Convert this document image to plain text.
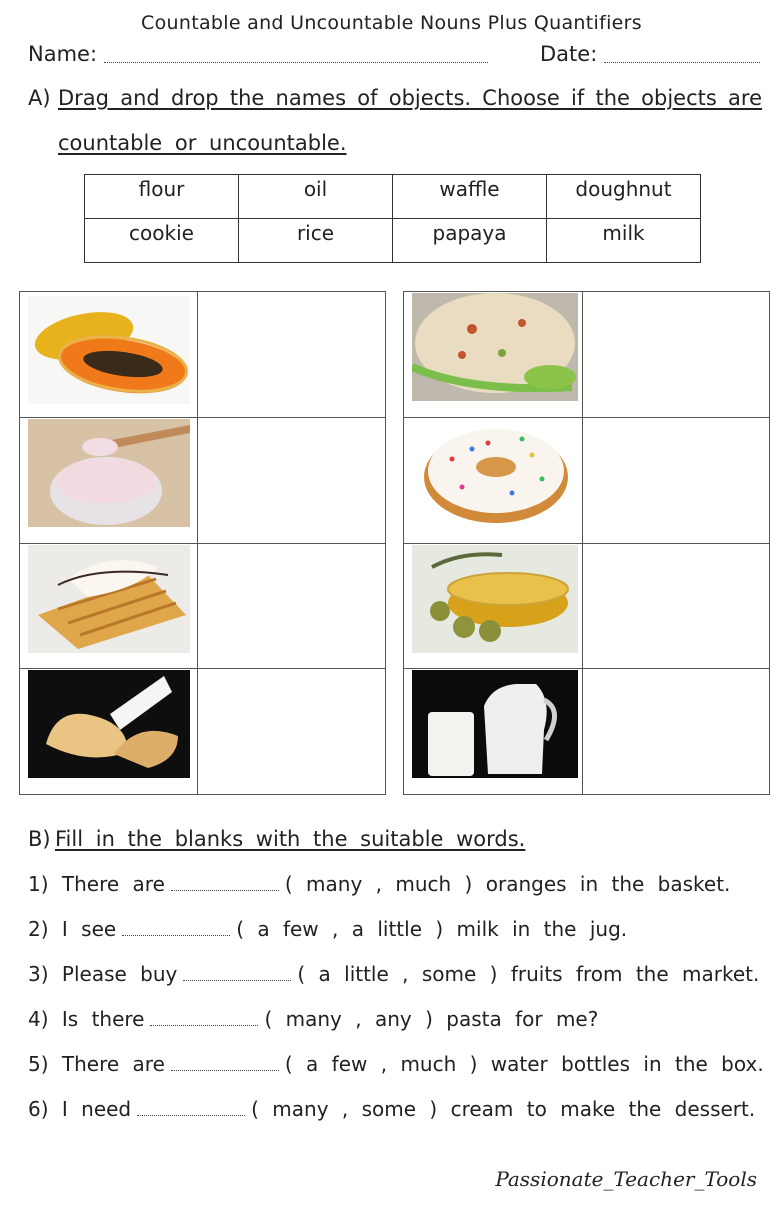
Countable and Uncountable Nouns Plus Quantifiers
Name:	Date:
A) Drag and drop the names of objects. Choose if the objects are
countable or uncountable.
flour	oil	waffle	doughnut
cookie	rice	papaya	milk
B) Fill in the blanks with the suitable words.
1) There are	( many , much ) oranges in the basket.
2) I see	( a few , a little ) milk in the jug.
3) Please buy	( a little , some ) fruits from the market.
4) Is there	( many , any ) pasta for me?
5) There are	( a few , much ) water bottles in the box.
6) I need	( many , some ) cream to make the dessert.
Passionate_Teacher_Tools
